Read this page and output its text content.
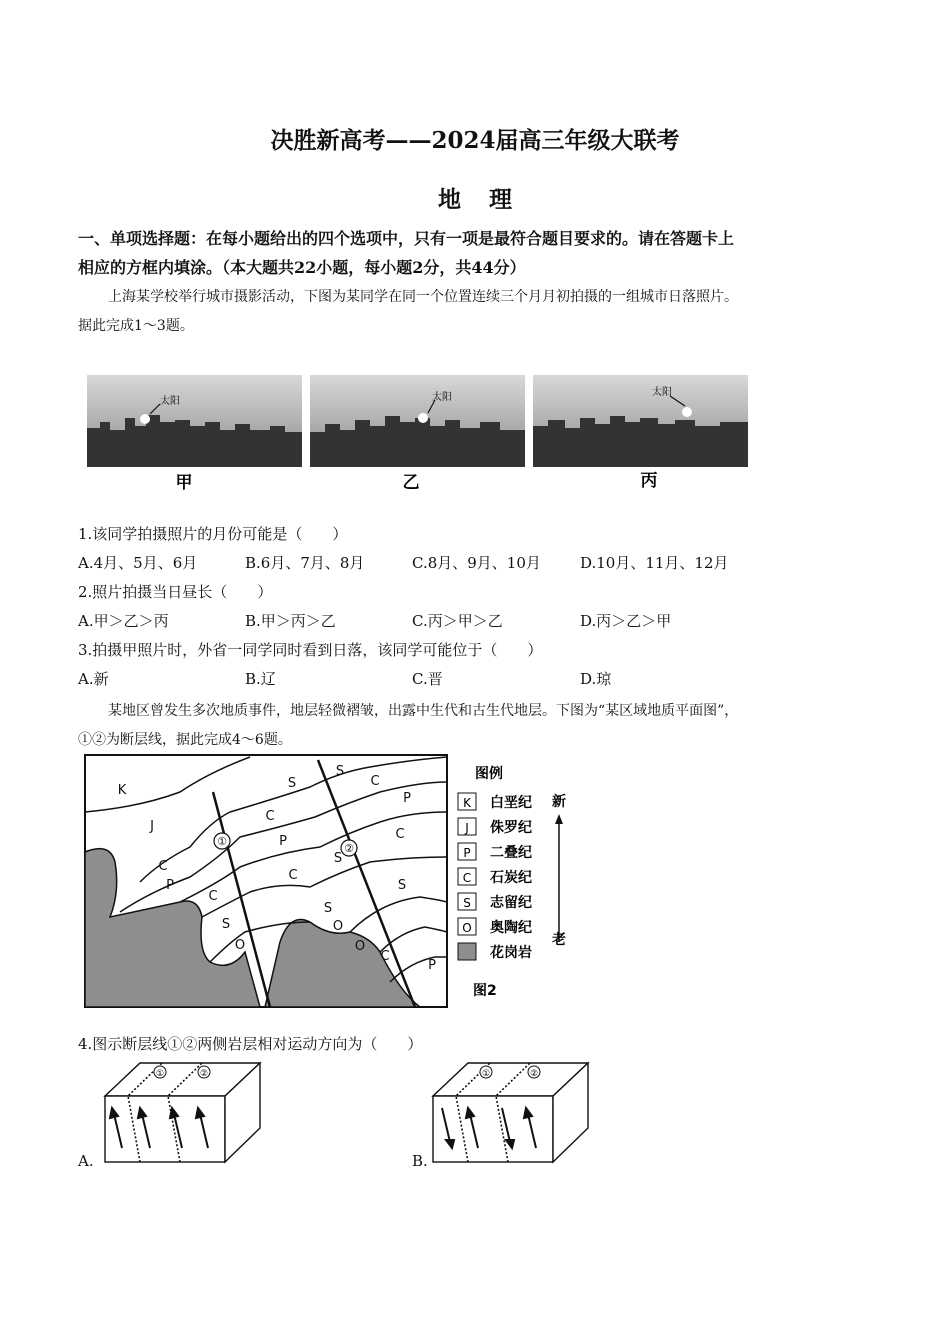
决胜新高考——2024届高三年级大联考
地理
一、单项选择题：在每小题给出的四个选项中，只有一项是最符合题目要求的。请在答题卡上
相应的方框内填涂。（本大题共22小题，每小题2分，共44分）
上海某学校举行城市摄影活动，下图为某同学在同一个位置连续三个月月初拍摄的一组城市日落照片。
据此完成1～3题。
太阳	太阳	太阳
甲	乙	丙
1.该同学拍摄照片的月份可能是（　　）
A.4月、5月、6月	B.6月、7月、8月	C.8月、9月、10月	D.10月、11月、12月
2.照片拍摄当日昼长（　　）
A.甲＞乙＞丙	B.甲＞丙＞乙	C.丙＞甲＞乙	D.丙＞乙＞甲
3.拍摄甲照片时，外省一同学同时看到日落，该同学可能位于（　　）
A.新	B.辽	C.晋	D.琼
某地区曾发生多次地质事件，地层轻微褶皱，出露中生代和古生代地层。下图为“某区域地质平面图”，
①②为断层线，据此完成4～6题。
K
J
S
C
S
C
P
C
P
C
P
C
S
C
S
O
O
C
P
S
S
O
①
②
图例
K 白垩纪
J 侏罗纪
P 二叠纪
C 石炭纪
S 志留纪
O 奥陶纪
花岗岩
新
老
图2
4.图示断层线①②两侧岩层相对运动方向为（　　）
①	②
A.
①	②
B.
